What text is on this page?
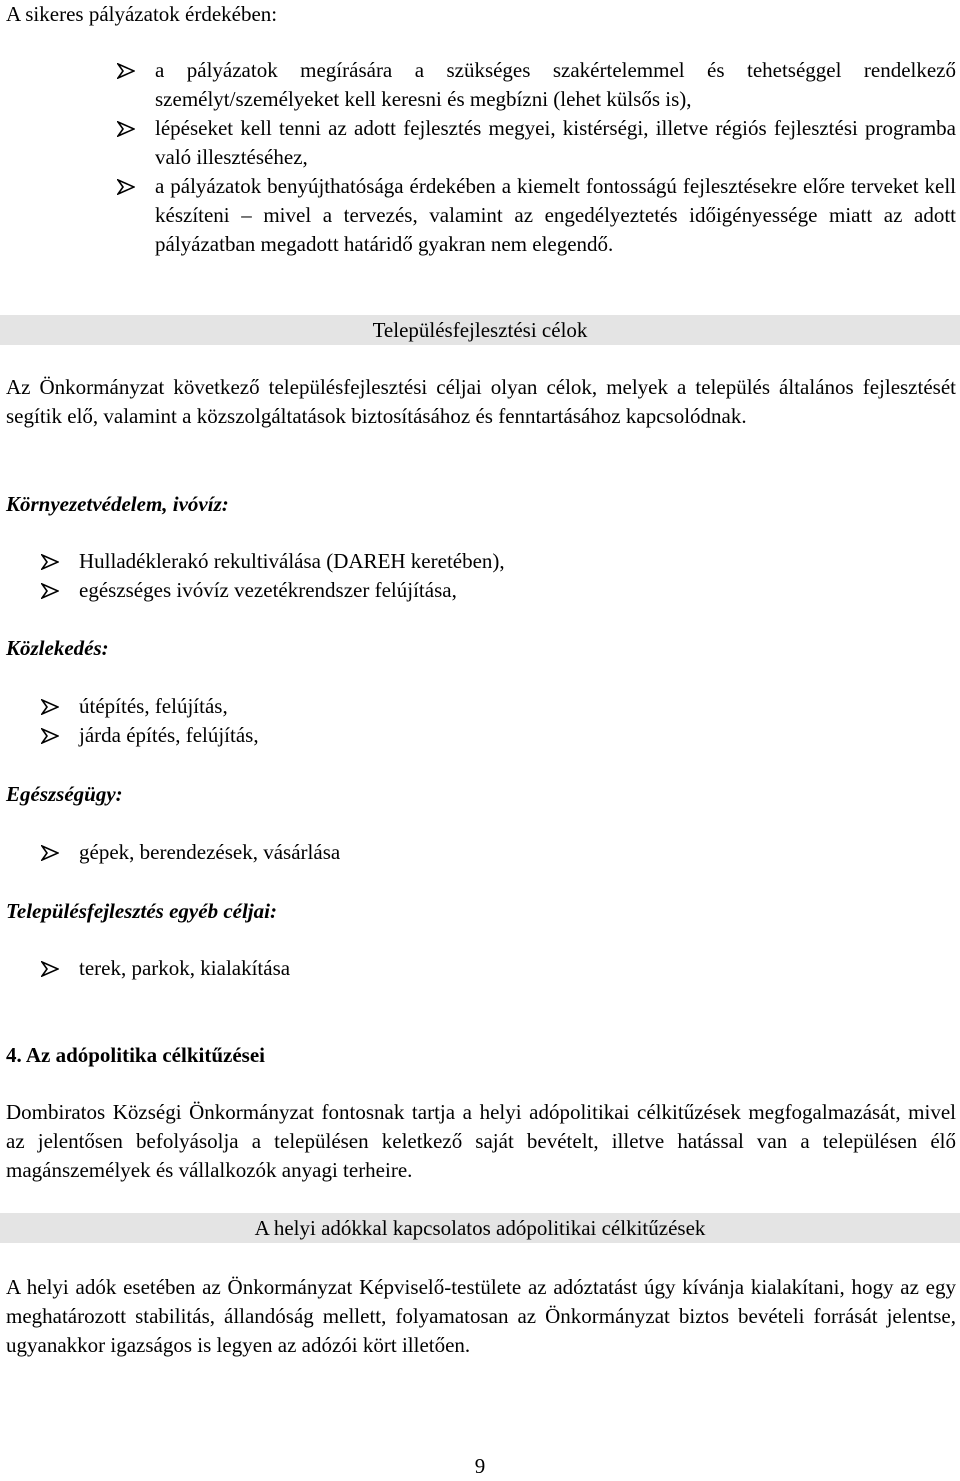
A sikeres pályázatok érdekében:

a pályázatok megírására a szükséges szakértelemmel és tehetséggel rendelkező személyt/személyeket kell keresni és megbízni (lehet külsős is),
lépéseket kell tenni az adott fejlesztés megyei, kistérségi, illetve régiós fejlesztési programba való illesztéséhez,
a pályázatok benyújthatósága érdekében a kiemelt fontosságú fejlesztésekre előre terveket kell készíteni – mivel a tervezés, valamint az engedélyeztetés időigényessége miatt az adott pályázatban megadott határidő gyakran nem elegendő.
Településfejlesztési célok

Az Önkormányzat következő településfejlesztési céljai olyan célok, melyek a település általános fejlesztését segítik elő, valamint a közszolgáltatások biztosításához és fenntartásához kapcsolódnak.

Környezetvédelem, ivóvíz:

Hulladéklerakó rekultiválása (DAREH keretében),
egészséges ivóvíz vezetékrendszer felújítása,

Közlekedés:

útépítés, felújítás,
járda építés, felújítás,

Egészségügy:

gépek, berendezések, vásárlása

Településfejlesztés egyéb céljai:

terek, parkok, kialakítása

4. Az adópolitika célkitűzései

Dombiratos Községi Önkormányzat fontosnak tartja a helyi adópolitikai célkitűzések megfogalmazását, mivel az jelentősen befolyásolja a településen keletkező saját bevételt, illetve hatással van a településen élő magánszemélyek és vállalkozók anyagi terheire.

A helyi adókkal kapcsolatos adópolitikai célkitűzések

A helyi adók esetében az Önkormányzat Képviselő-testülete az adóztatást úgy kívánja kialakítani, hogy az egy meghatározott stabilitás, állandóság mellett, folyamatosan az Önkormányzat biztos bevételi forrását jelentse, ugyanakkor igazságos is legyen az adózói kört illetően.

9
